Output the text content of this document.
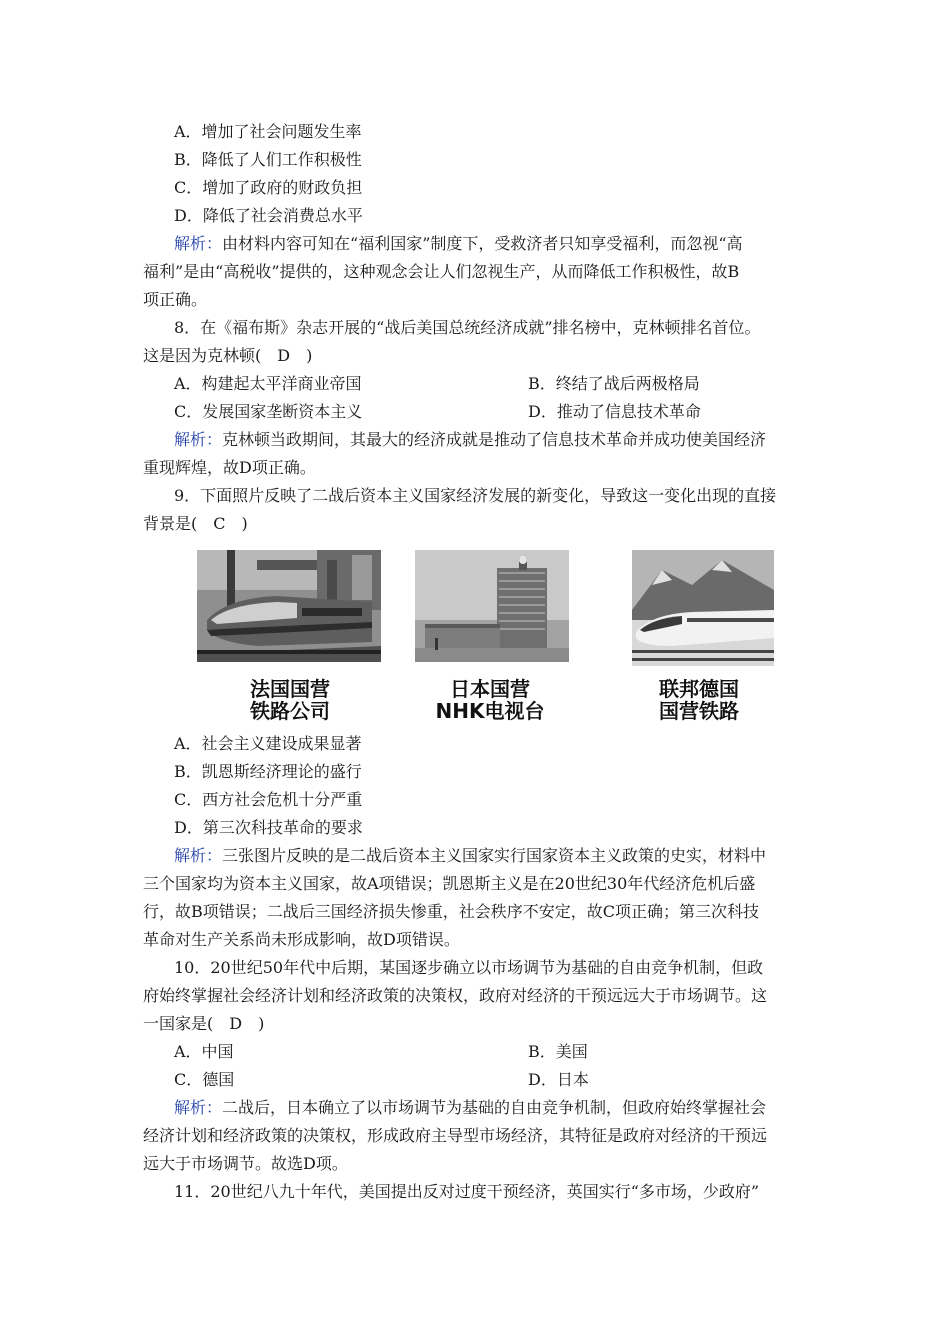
A．增加了社会问题发生率
B．降低了人们工作积极性
C．增加了政府的财政负担
D．降低了社会消费总水平
解析：由材料内容可知在“福利国家”制度下，受救济者只知享受福利，而忽视“高
福利”是由“高税收”提供的，这种观念会让人们忽视生产，从而降低工作积极性，故B
项正确。
8．在《福布斯》杂志开展的“战后美国总统经济成就”排名榜中，克林顿排名首位。
这是因为克林顿(　D　)
A．构建起太平洋商业帝国	B．终结了战后两极格局
C．发展国家垄断资本主义	D．推动了信息技术革命
解析：克林顿当政期间，其最大的经济成就是推动了信息技术革命并成功使美国经济
重现辉煌，故D项正确。
9．下面照片反映了二战后资本主义国家经济发展的新变化，导致这一变化出现的直接
背景是(　C　)
法国国营
铁路公司
日本国营
NHK电视台
联邦德国
国营铁路
A．社会主义建设成果显著
B．凯恩斯经济理论的盛行
C．西方社会危机十分严重
D．第三次科技革命的要求
解析：三张图片反映的是二战后资本主义国家实行国家资本主义政策的史实，材料中
三个国家均为资本主义国家，故A项错误；凯恩斯主义是在20世纪30年代经济危机后盛
行，故B项错误；二战后三国经济损失惨重，社会秩序不安定，故C项正确；第三次科技
革命对生产关系尚未形成影响，故D项错误。
10．20世纪50年代中后期，某国逐步确立以市场调节为基础的自由竞争机制，但政
府始终掌握社会经济计划和经济政策的决策权，政府对经济的干预远远大于市场调节。这
一国家是(　D　)
A．中国	B．美国
C．德国	D．日本
解析：二战后，日本确立了以市场调节为基础的自由竞争机制，但政府始终掌握社会
经济计划和经济政策的决策权，形成政府主导型市场经济，其特征是政府对经济的干预远
远大于市场调节。故选D项。
11．20世纪八九十年代，美国提出反对过度干预经济，英国实行“多市场，少政府”
